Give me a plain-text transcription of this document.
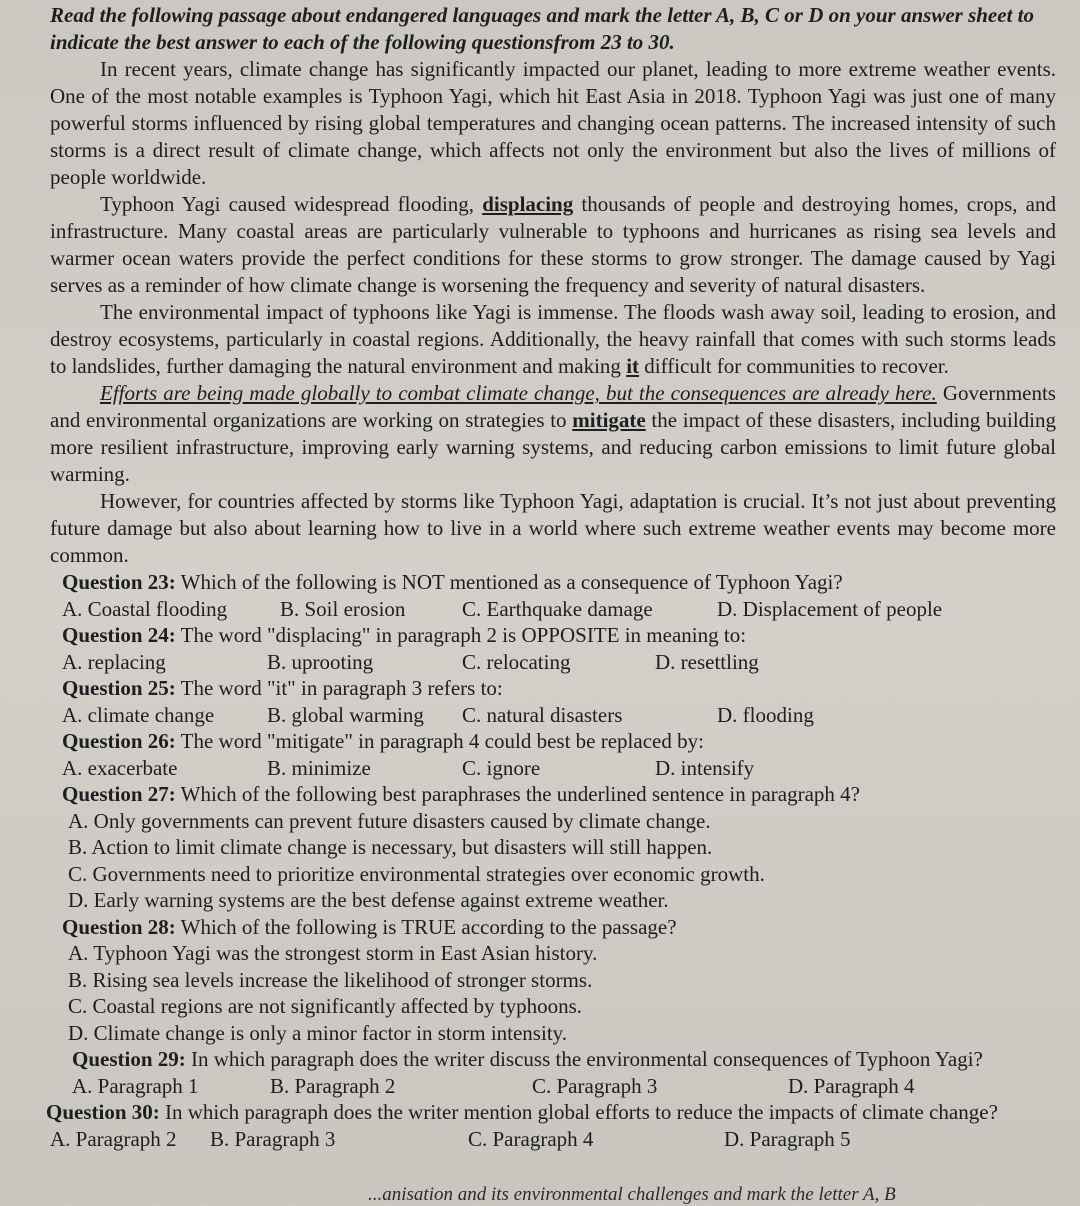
Read the following passage about endangered languages and mark the letter A, B, C or D on your answer sheet to indicate the best answer to each of the following questionsfrom 23 to 30.

In recent years, climate change has significantly impacted our planet, leading to more extreme weather events. One of the most notable examples is Typhoon Yagi, which hit East Asia in 2018. Typhoon Yagi was just one of many powerful storms influenced by rising global temperatures and changing ocean patterns. The increased intensity of such storms is a direct result of climate change, which affects not only the environment but also the lives of millions of people worldwide.

Typhoon Yagi caused widespread flooding, displacing thousands of people and destroying homes, crops, and infrastructure. Many coastal areas are particularly vulnerable to typhoons and hurricanes as rising sea levels and warmer ocean waters provide the perfect conditions for these storms to grow stronger. The damage caused by Yagi serves as a reminder of how climate change is worsening the frequency and severity of natural disasters.

The environmental impact of typhoons like Yagi is immense. The floods wash away soil, leading to erosion, and destroy ecosystems, particularly in coastal regions. Additionally, the heavy rainfall that comes with such storms leads to landslides, further damaging the natural environment and making it difficult for communities to recover.

Efforts are being made globally to combat climate change, but the consequences are already here. Governments and environmental organizations are working on strategies to mitigate the impact of these disasters, including building more resilient infrastructure, improving early warning systems, and reducing carbon emissions to limit future global warming.

However, for countries affected by storms like Typhoon Yagi, adaptation is crucial. It’s not just about preventing future damage but also about learning how to live in a world where such extreme weather events may become more common.

Question 23: Which of the following is NOT mentioned as a consequence of Typhoon Yagi?

A. Coastal flooding	B. Soil erosion	C. Earthquake damage	D. Displacement of people

Question 24: The word "displacing" in paragraph 2 is OPPOSITE in meaning to:

A. replacing	B. uprooting	C. relocating	D. resettling

Question 25: The word "it" in paragraph 3 refers to:

A. climate change	B. global warming	C. natural disasters	D. flooding

Question 26: The word "mitigate" in paragraph 4 could best be replaced by:

A. exacerbate	B. minimize	C. ignore	D. intensify

Question 27: Which of the following best paraphrases the underlined sentence in paragraph 4?

A. Only governments can prevent future disasters caused by climate change.

B. Action to limit climate change is necessary, but disasters will still happen.

C. Governments need to prioritize environmental strategies over economic growth.

D. Early warning systems are the best defense against extreme weather.

Question 28: Which of the following is TRUE according to the passage?

A. Typhoon Yagi was the strongest storm in East Asian history.

B. Rising sea levels increase the likelihood of stronger storms.

C. Coastal regions are not significantly affected by typhoons.

D. Climate change is only a minor factor in storm intensity.

Question 29: In which paragraph does the writer discuss the environmental consequences of Typhoon Yagi?

A. Paragraph 1	B. Paragraph 2	C. Paragraph 3	D. Paragraph 4

Question 30: In which paragraph does the writer mention global efforts to reduce the impacts of climate change?

A. Paragraph 2	B. Paragraph 3	C. Paragraph 4	D. Paragraph 5
...anisation and its environmental challenges and mark the letter A, B
